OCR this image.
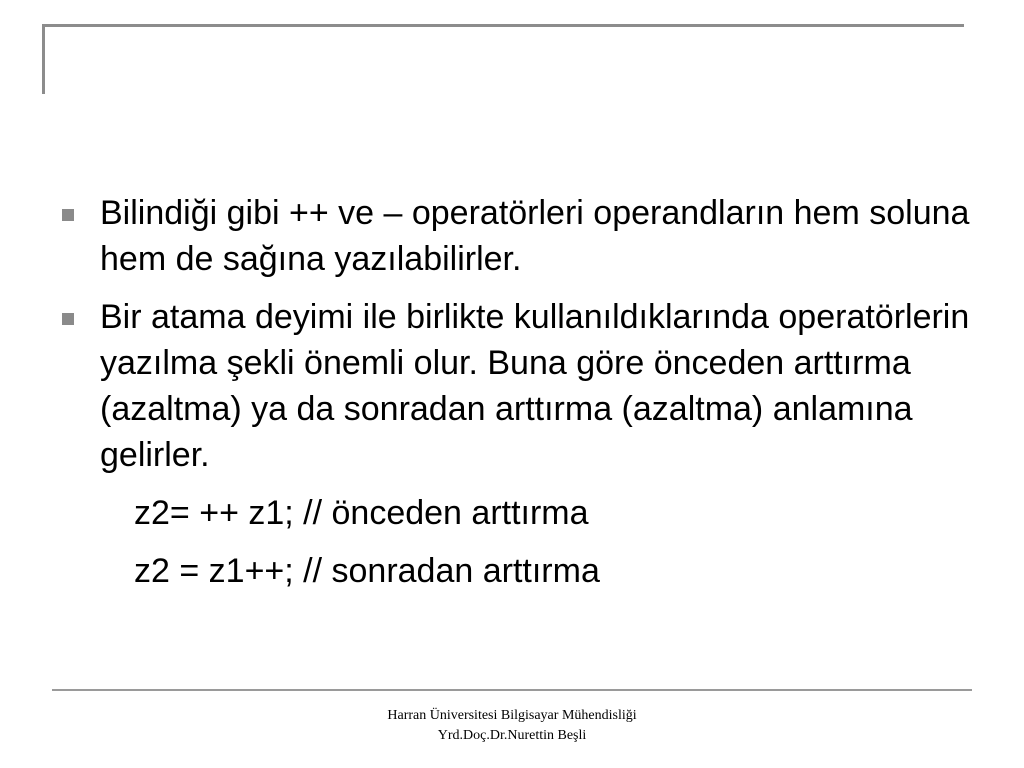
Bilindiği gibi ++ ve – operatörleri operandların hem soluna hem de sağına yazılabilirler.
Bir atama deyimi ile birlikte kullanıldıklarında operatörlerin yazılma şekli önemli olur. Buna göre önceden arttırma (azaltma) ya da sonradan arttırma (azaltma) anlamına gelirler.
z2= ++ z1; // önceden arttırma
z2 = z1++; // sonradan arttırma
Harran Üniversitesi Bilgisayar Mühendisliği
Yrd.Doç.Dr.Nurettin Beşli
